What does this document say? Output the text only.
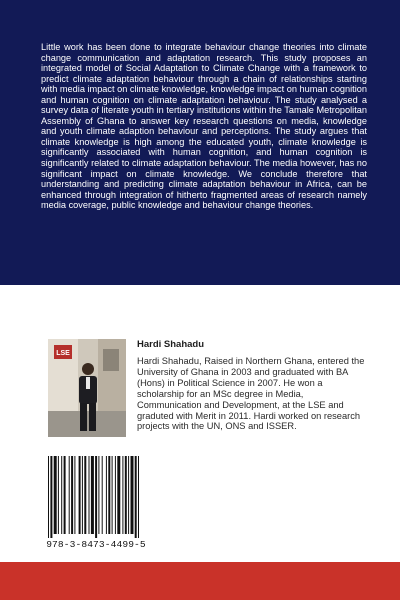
Little work has been done to integrate behaviour change theories into climate change communication and adaptation research. This study proposes an integrated model of Social Adaptation to Climate Change with a framework to predict climate adaptation behaviour through a chain of relationships starting with media impact on climate knowledge, knowledge impact on human cognition and human cognition on climate adaptation behaviour. The study analysed a survey data of literate youth in tertiary institutions within the Tamale Metropolitan Assembly of Ghana to answer key research questions on media, knowledge and youth climate adaption behaviour and perceptions. The study argues that climate knowledge is high among the educated youth, climate knowledge is significantly associated with human cognition, and human cognition is significantly related to climate adaptation behaviour. The media however, has no significant impact on climate knowledge. We conclude therefore that understanding and predicting climate adaptation behaviour in Africa, can be enhanced through integration of hitherto fragmented areas of research namely media coverage, public knowledge and behaviour change theories.

LSE

Hardi Shahadu

Hardi Shahadu, Raised in Northern Ghana, entered the University of Ghana in 2003 and graduated with BA (Hons) in Political Science in 2007. He won a scholarship for an MSc degree in Media, Communication and Development, at the LSE and graduted with Merit in 2011. Hardi worked on research projects with the UN, ONS and ISSER.

978-3-8473-4499-5
